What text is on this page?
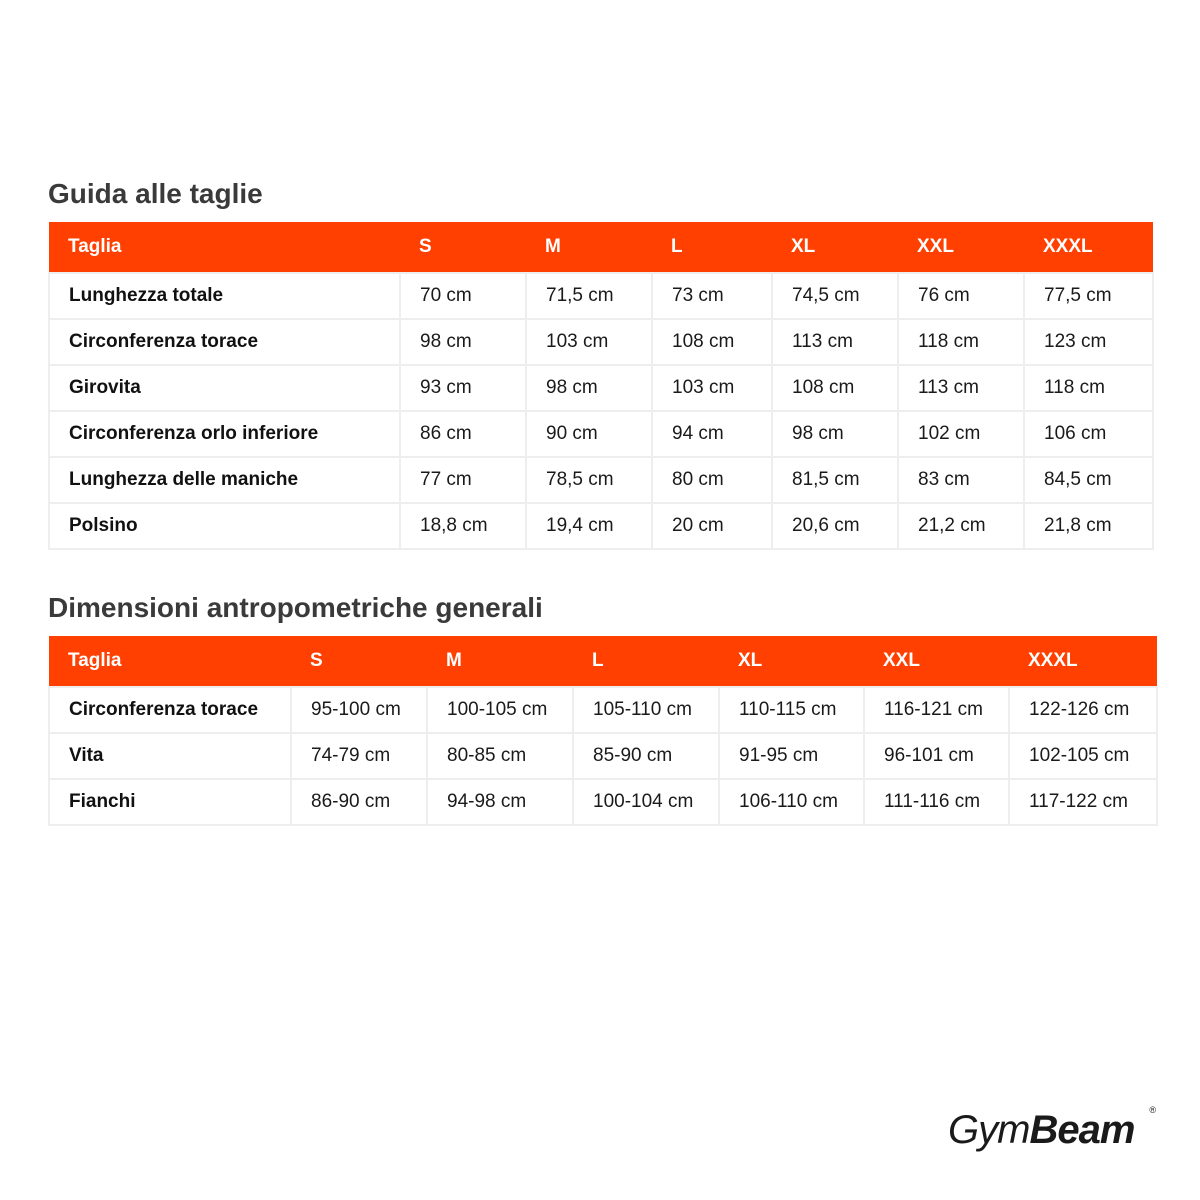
Guida alle taglie
Taglia	S	M	L	XL	XXL	XXXL
Lunghezza totale	70 cm	71,5 cm	73 cm	74,5 cm	76 cm	77,5 cm
Circonferenza torace	98 cm	103 cm	108 cm	113 cm	118 cm	123 cm
Girovita	93 cm	98 cm	103 cm	108 cm	113 cm	118 cm
Circonferenza orlo inferiore	86 cm	90 cm	94 cm	98 cm	102 cm	106 cm
Lunghezza delle maniche	77 cm	78,5 cm	80 cm	81,5 cm	83 cm	84,5 cm
Polsino	18,8 cm	19,4 cm	20 cm	20,6 cm	21,2 cm	21,8 cm
Dimensioni antropometriche generali
Taglia	S	M	L	XL	XXL	XXXL
Circonferenza torace	95-100 cm	100-105 cm	105-110 cm	110-115 cm	116-121 cm	122-126 cm
Vita	74-79 cm	80-85 cm	85-90 cm	91-95 cm	96-101 cm	102-105 cm
Fianchi	86-90 cm	94-98 cm	100-104 cm	106-110 cm	111-116 cm	117-122 cm
GymBeam ®
